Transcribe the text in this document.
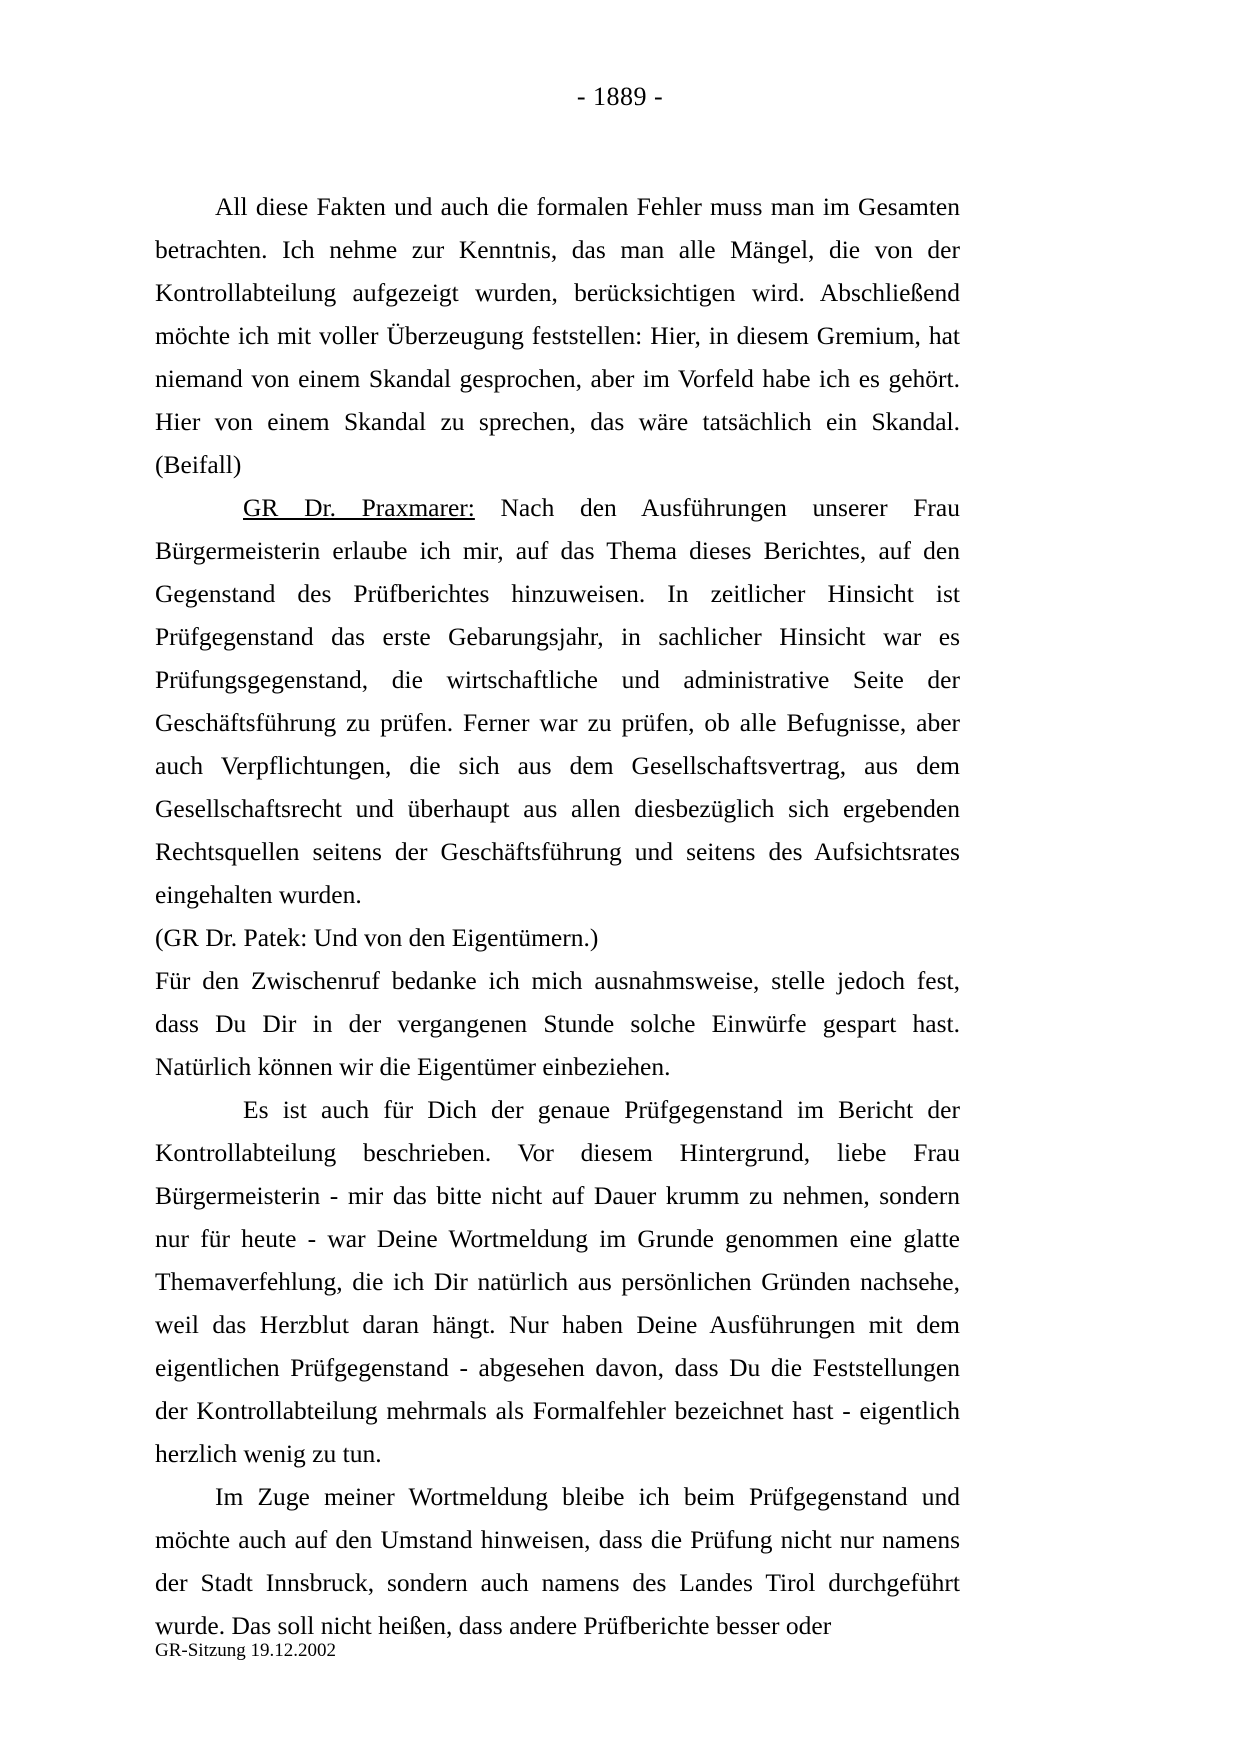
- 1889 -

All diese Fakten und auch die formalen Fehler muss man im Gesamten betrachten. Ich nehme zur Kenntnis, das man alle Mängel, die von der Kontrollabteilung aufgezeigt wurden, berücksichtigen wird. Abschließend möchte ich mit voller Überzeugung feststellen: Hier, in diesem Gremium, hat niemand von einem Skandal gesprochen, aber im Vorfeld habe ich es gehört. Hier von einem Skandal zu sprechen, das wäre tatsächlich ein Skandal. (Beifall)

GR Dr. Praxmarer: Nach den Ausführungen unserer Frau Bürgermeisterin erlaube ich mir, auf das Thema dieses Berichtes, auf den Gegenstand des Prüfberichtes hinzuweisen. In zeitlicher Hinsicht ist Prüfgegenstand das erste Gebarungsjahr, in sachlicher Hinsicht war es Prüfungsgegenstand, die wirtschaftliche und administrative Seite der Geschäftsführung zu prüfen. Ferner war zu prüfen, ob alle Befugnisse, aber auch Verpflichtungen, die sich aus dem Gesellschaftsvertrag, aus dem Gesellschaftsrecht und überhaupt aus allen diesbezüglich sich ergebenden Rechtsquellen seitens der Geschäftsführung und seitens des Aufsichtsrates eingehalten wurden.

(GR Dr. Patek: Und von den Eigentümern.)

Für den Zwischenruf bedanke ich mich ausnahmsweise, stelle jedoch fest, dass Du Dir in der vergangenen Stunde solche Einwürfe gespart hast. Natürlich können wir die Eigentümer einbeziehen.

Es ist auch für Dich der genaue Prüfgegenstand im Bericht der Kontrollabteilung beschrieben. Vor diesem Hintergrund, liebe Frau Bürgermeisterin - mir das bitte nicht auf Dauer krumm zu nehmen, sondern nur für heute - war Deine Wortmeldung im Grunde genommen eine glatte Themaverfehlung, die ich Dir natürlich aus persönlichen Gründen nachsehe, weil das Herzblut daran hängt. Nur haben Deine Ausführungen mit dem eigentlichen Prüfgegenstand - abgesehen davon, dass Du die Feststellungen der Kontrollabteilung mehrmals als Formalfehler bezeichnet hast - eigentlich herzlich wenig zu tun.

Im Zuge meiner Wortmeldung bleibe ich beim Prüfgegenstand und möchte auch auf den Umstand hinweisen, dass die Prüfung nicht nur namens der Stadt Innsbruck, sondern auch namens des Landes Tirol durchgeführt wurde. Das soll nicht heißen, dass andere Prüfberichte besser oder

GR-Sitzung 19.12.2002
